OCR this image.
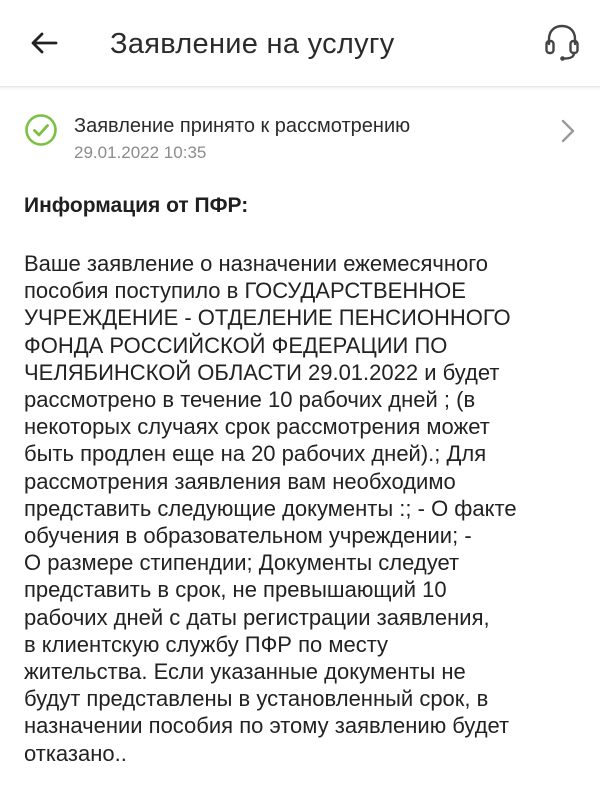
Заявление на услугу
Заявление принято к рассмотрению
29.01.2022 10:35
Информация от ПФР:
Ваше заявление о назначении ежемесячного
пособия поступило в ГОСУДАРСТВЕННОЕ
УЧРЕЖДЕНИЕ - ОТДЕЛЕНИЕ ПЕНСИОННОГО
ФОНДА РОССИЙСКОЙ ФЕДЕРАЦИИ ПО
ЧЕЛЯБИНСКОЙ ОБЛАСТИ 29.01.2022 и будет
рассмотрено в течение 10 рабочих дней ; (в
некоторых случаях срок рассмотрения может
быть продлен еще на 20 рабочих дней).; Для
рассмотрения заявления вам необходимо
представить следующие документы :; - О факте
обучения в образовательном учреждении; -
О размере стипендии; Документы следует
представить в срок, не превышающий 10
рабочих дней с даты регистрации заявления,
в клиентскую службу ПФР по месту
жительства. Если указанные документы не
будут представлены в установленный срок, в
назначении пособия по этому заявлению будет
отказано..
